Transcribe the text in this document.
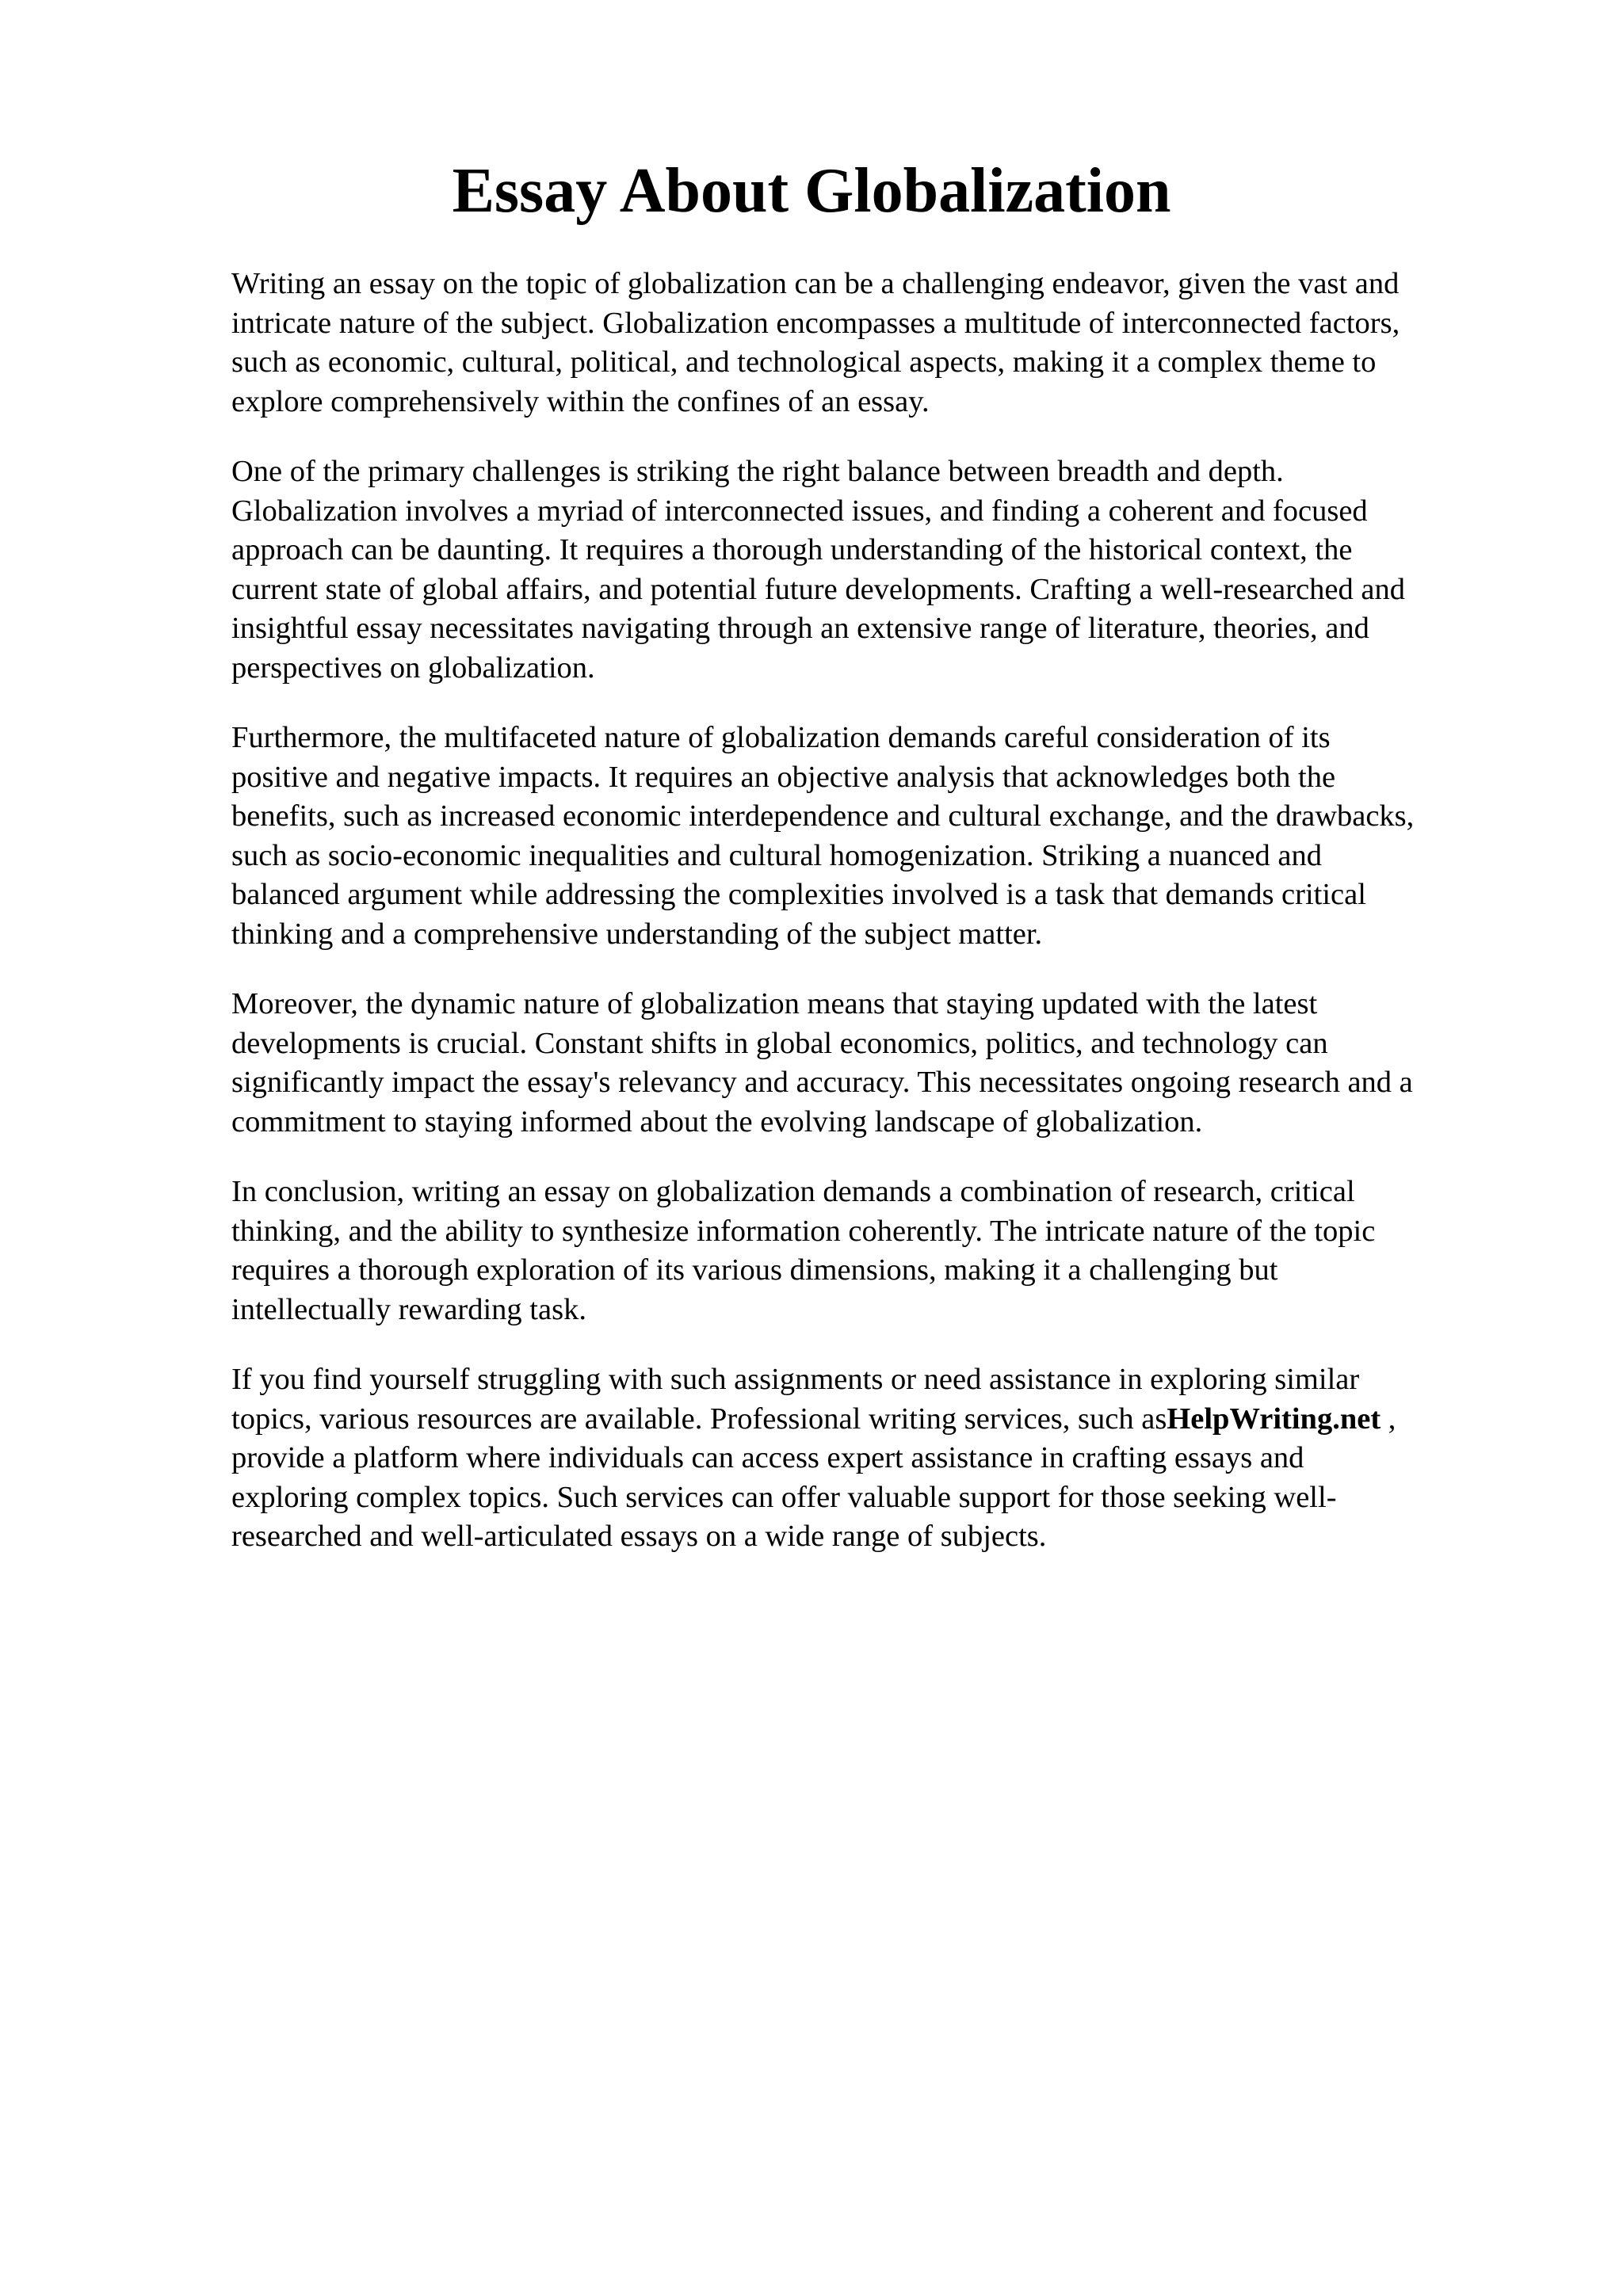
Essay About Globalization

Writing an essay on the topic of globalization can be a challenging endeavor, given the vast and
intricate nature of the subject. Globalization encompasses a multitude of interconnected factors,
such as economic, cultural, political, and technological aspects, making it a complex theme to
explore comprehensively within the confines of an essay.

One of the primary challenges is striking the right balance between breadth and depth.
Globalization involves a myriad of interconnected issues, and finding a coherent and focused
approach can be daunting. It requires a thorough understanding of the historical context, the
current state of global affairs, and potential future developments. Crafting a well-researched and
insightful essay necessitates navigating through an extensive range of literature, theories, and
perspectives on globalization.

Furthermore, the multifaceted nature of globalization demands careful consideration of its
positive and negative impacts. It requires an objective analysis that acknowledges both the
benefits, such as increased economic interdependence and cultural exchange, and the drawbacks,
such as socio-economic inequalities and cultural homogenization. Striking a nuanced and
balanced argument while addressing the complexities involved is a task that demands critical
thinking and a comprehensive understanding of the subject matter.

Moreover, the dynamic nature of globalization means that staying updated with the latest
developments is crucial. Constant shifts in global economics, politics, and technology can
significantly impact the essay's relevancy and accuracy. This necessitates ongoing research and a
commitment to staying informed about the evolving landscape of globalization.

In conclusion, writing an essay on globalization demands a combination of research, critical
thinking, and the ability to synthesize information coherently. The intricate nature of the topic
requires a thorough exploration of its various dimensions, making it a challenging but
intellectually rewarding task.

If you find yourself struggling with such assignments or need assistance in exploring similar
topics, various resources are available. Professional writing services, such asHelpWriting.net ,
provide a platform where individuals can access expert assistance in crafting essays and
exploring complex topics. Such services can offer valuable support for those seeking well-
researched and well-articulated essays on a wide range of subjects.
